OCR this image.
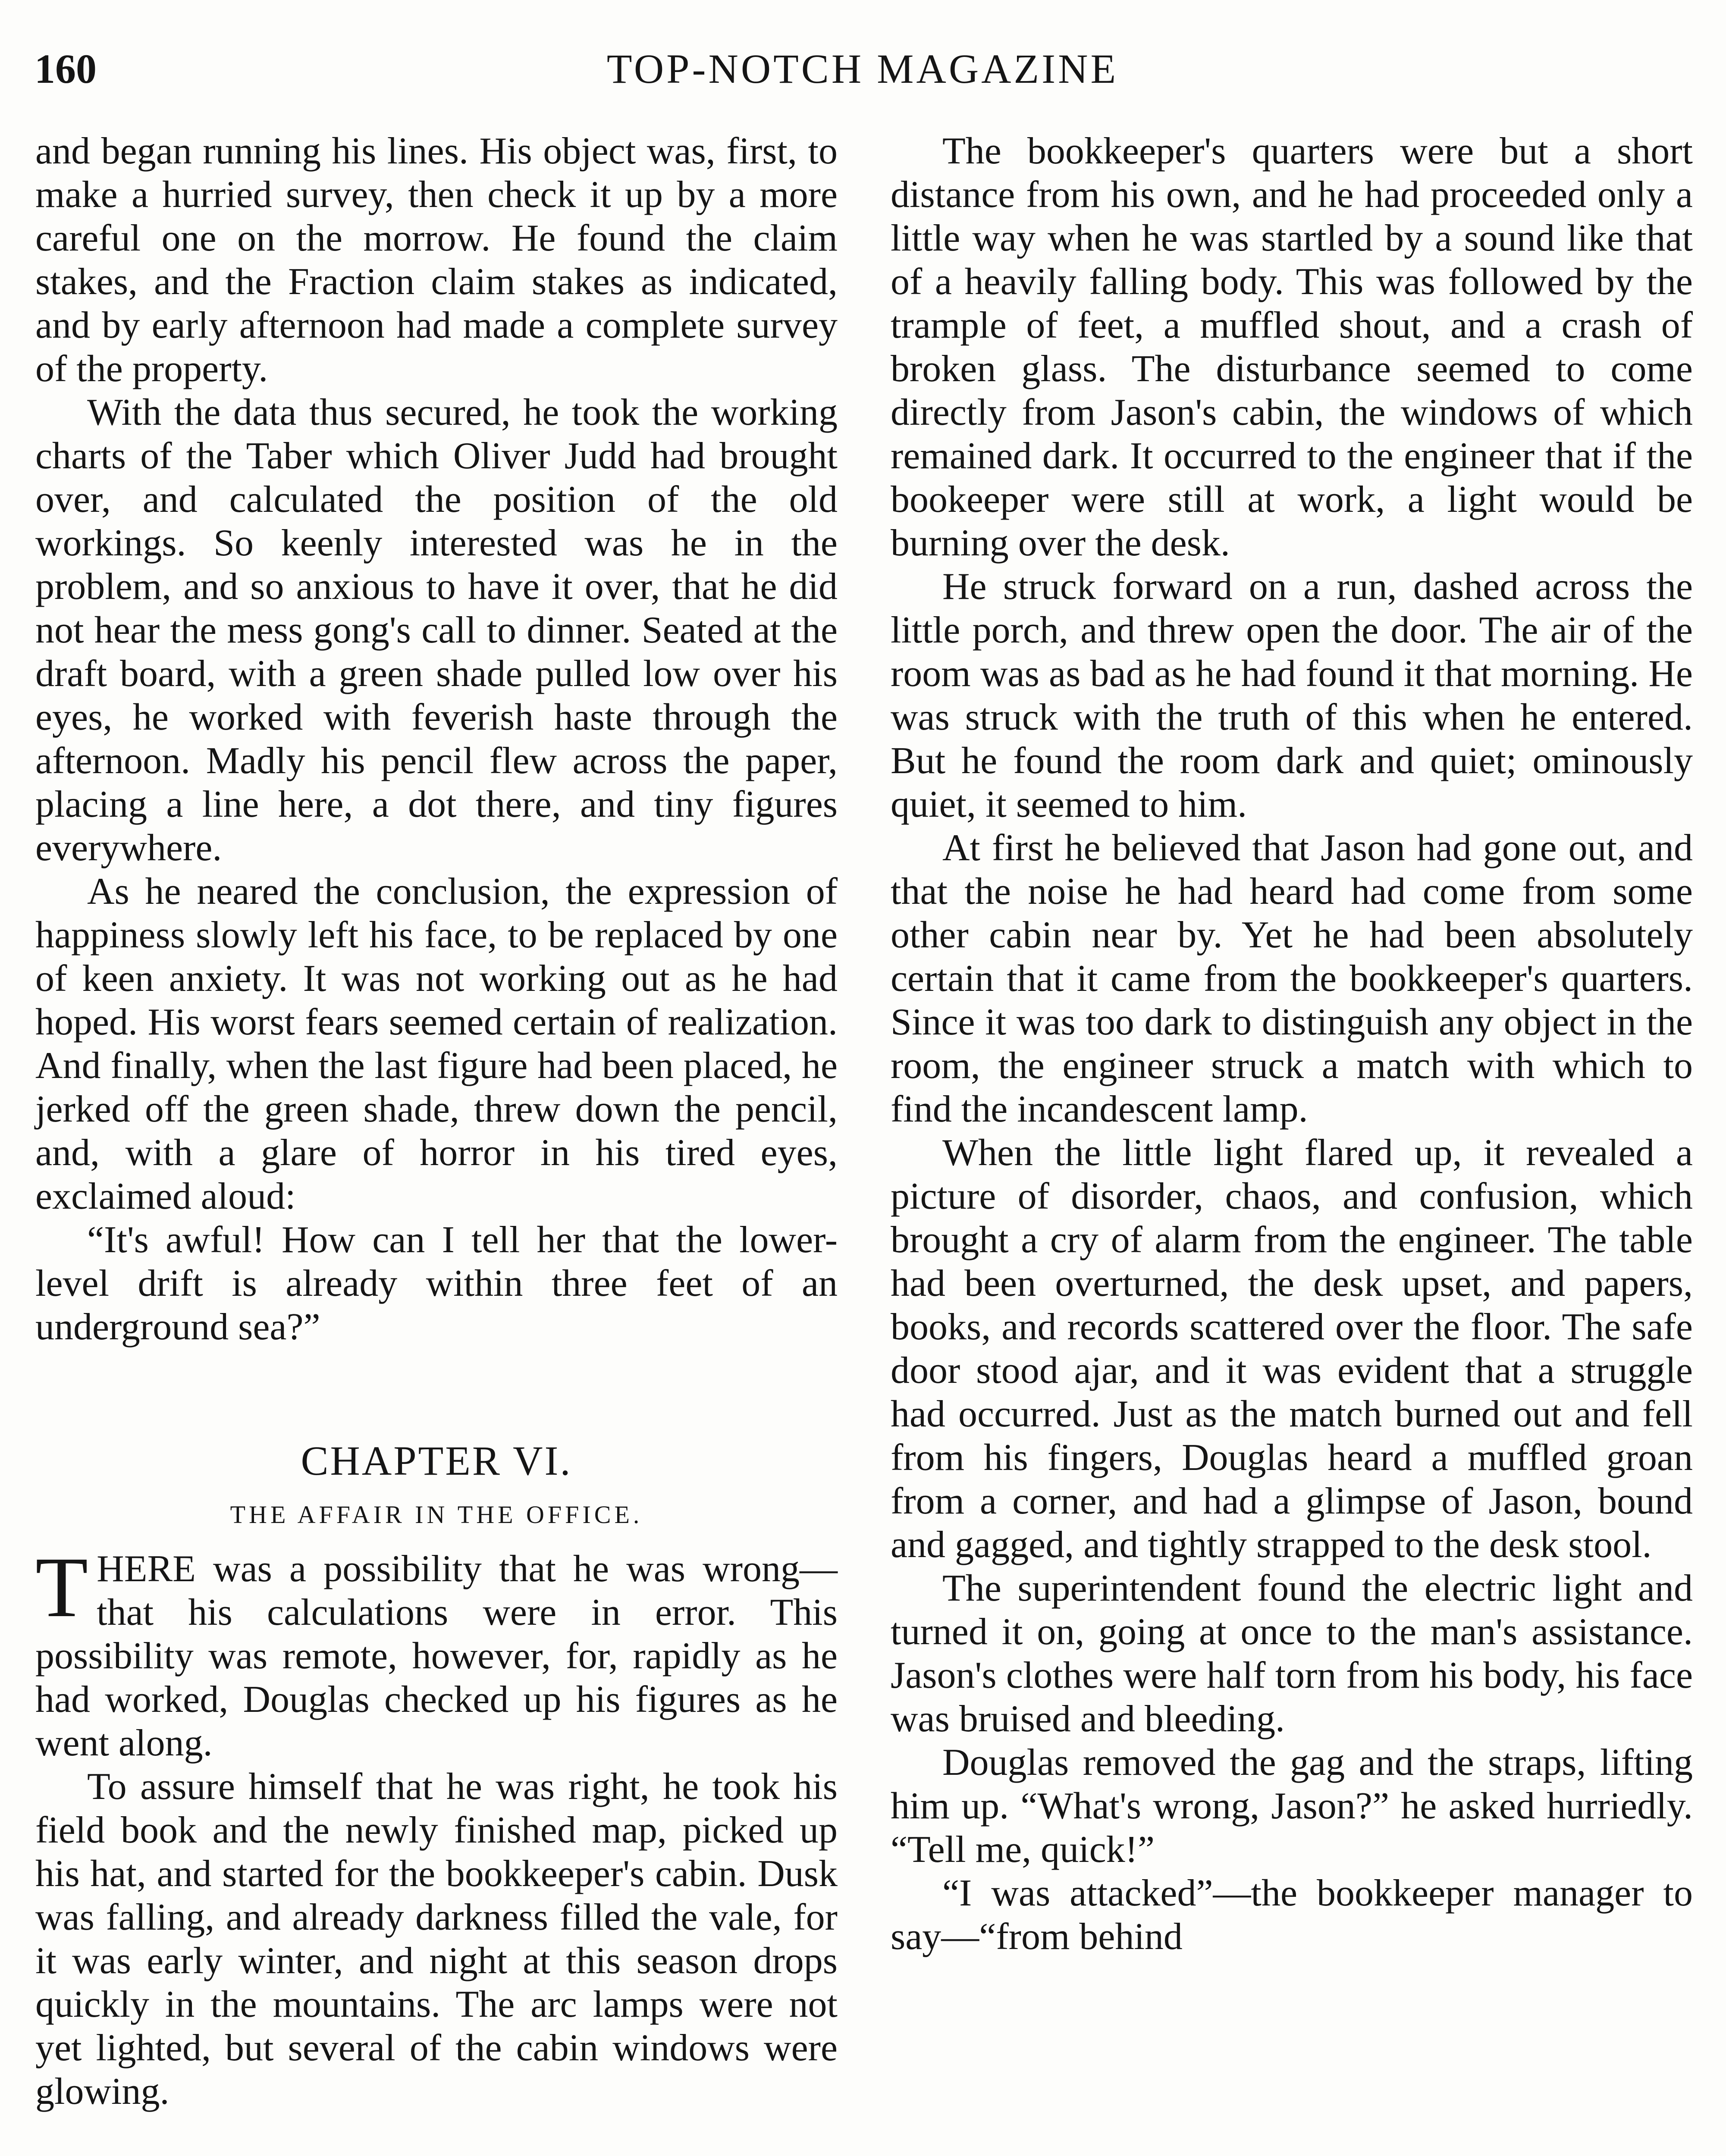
160	TOP-NOTCH MAGAZINE

and began running his lines. His object was, first, to make a hurried survey, then check it up by a more careful one on the morrow. He found the claim stakes, and the Fraction claim stakes as indicated, and by early afternoon had made a complete survey of the property.

With the data thus secured, he took the working charts of the Taber which Oliver Judd had brought over, and calculated the position of the old workings. So keenly interested was he in the problem, and so anxious to have it over, that he did not hear the mess gong's call to dinner. Seated at the draft board, with a green shade pulled low over his eyes, he worked with feverish haste through the afternoon. Madly his pencil flew across the paper, placing a line here, a dot there, and tiny figures everywhere.

As he neared the conclusion, the expression of happiness slowly left his face, to be replaced by one of keen anxiety. It was not working out as he had hoped. His worst fears seemed certain of realization. And finally, when the last figure had been placed, he jerked off the green shade, threw down the pencil, and, with a glare of horror in his tired eyes, exclaimed aloud:

“It's awful! How can I tell her that the lower-level drift is already within three feet of an underground sea?”

CHAPTER VI.
THE AFFAIR IN THE OFFICE.

THERE was a possibility that he was wrong—that his calculations were in error. This possibility was remote, however, for, rapidly as he had worked, Douglas checked up his figures as he went along.

To assure himself that he was right, he took his field book and the newly finished map, picked up his hat, and started for the bookkeeper's cabin. Dusk was falling, and already darkness filled the vale, for it was early winter, and night at this season drops quickly in the mountains. The arc lamps were not yet lighted, but several of the cabin windows were glowing.

The bookkeeper's quarters were but a short distance from his own, and he had proceeded only a little way when he was startled by a sound like that of a heavily falling body. This was followed by the trample of feet, a muffled shout, and a crash of broken glass. The disturbance seemed to come directly from Jason's cabin, the windows of which remained dark. It occurred to the engineer that if the bookeeper were still at work, a light would be burning over the desk.

He struck forward on a run, dashed across the little porch, and threw open the door. The air of the room was as bad as he had found it that morning. He was struck with the truth of this when he entered. But he found the room dark and quiet; ominously quiet, it seemed to him.

At first he believed that Jason had gone out, and that the noise he had heard had come from some other cabin near by. Yet he had been absolutely certain that it came from the bookkeeper's quarters. Since it was too dark to distinguish any object in the room, the engineer struck a match with which to find the incandescent lamp.

When the little light flared up, it revealed a picture of disorder, chaos, and confusion, which brought a cry of alarm from the engineer. The table had been overturned, the desk upset, and papers, books, and records scattered over the floor. The safe door stood ajar, and it was evident that a struggle had occurred. Just as the match burned out and fell from his fingers, Douglas heard a muffled groan from a corner, and had a glimpse of Jason, bound and gagged, and tightly strapped to the desk stool.

The superintendent found the electric light and turned it on, going at once to the man's assistance. Jason's clothes were half torn from his body, his face was bruised and bleeding.

Douglas removed the gag and the straps, lifting him up. “What's wrong, Jason?” he asked hurriedly. “Tell me, quick!”

“I was attacked”—the bookkeeper manager to say—“from behind
